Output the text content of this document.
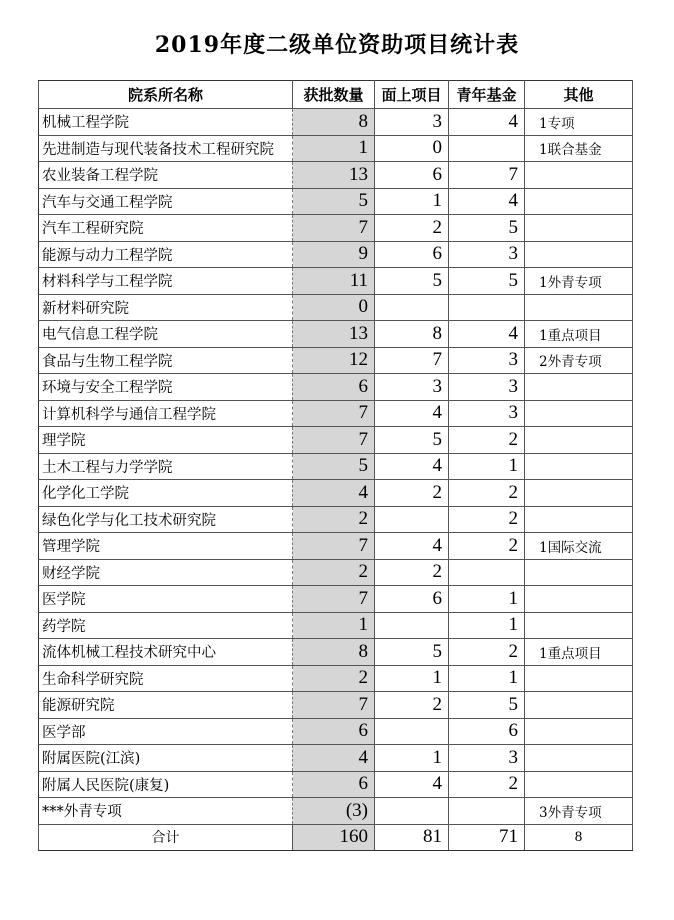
2019年度二级单位资助项目统计表
院系所名称	获批数量	面上项目	青年基金	其他
机械工程学院	8	3	4	1专项
先进制造与现代装备技术工程研究院	1	0		1联合基金
农业装备工程学院	13	6	7	
汽车与交通工程学院	5	1	4	
汽车工程研究院	7	2	5	
能源与动力工程学院	9	6	3	
材料科学与工程学院	11	5	5	1外青专项
新材料研究院	0			
电气信息工程学院	13	8	4	1重点项目
食品与生物工程学院	12	7	3	2外青专项
环境与安全工程学院	6	3	3	
计算机科学与通信工程学院	7	4	3	
理学院	7	5	2	
土木工程与力学学院	5	4	1	
化学化工学院	4	2	2	
绿色化学与化工技术研究院	2		2	
管理学院	7	4	2	1国际交流
财经学院	2	2		
医学院	7	6	1	
药学院	1		1	
流体机械工程技术研究中心	8	5	2	1重点项目
生命科学研究院	2	1	1	
能源研究院	7	2	5	
医学部	6		6	
附属医院(江滨)	4	1	3	
附属人民医院(康复)	6	4	2	
***外青专项	(3)			3外青专项
合计	160	81	71	8
